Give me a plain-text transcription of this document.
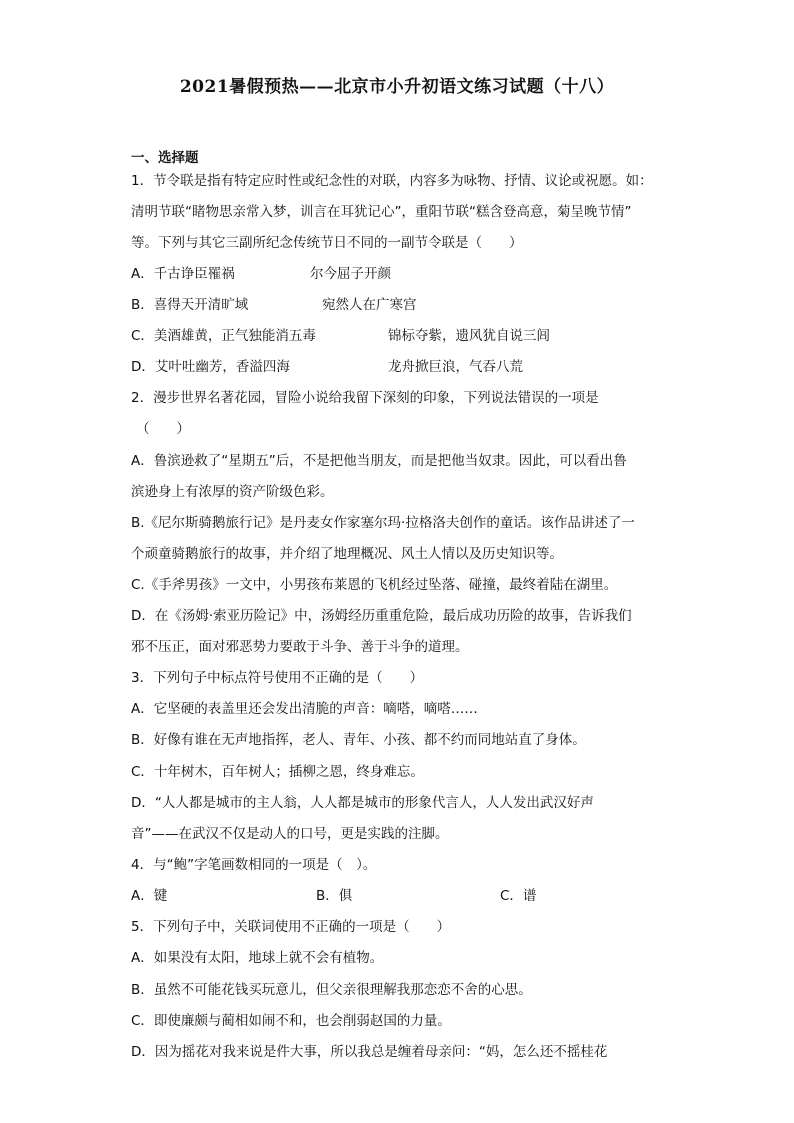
2021暑假预热——北京市小升初语文练习试题（十八）
一、选择题
1．节令联是指有特定应时性或纪念性的对联，内容多为咏物、抒情、议论或祝愿。如：
清明节联“睹物思亲常入梦，训言在耳犹记心”，重阳节联“糕含登高意，菊呈晚节情”
等。下列与其它三副所纪念传统节日不同的一副节令联是（　　）
A．千古诤臣罹祸	尔今屈子开颜
B．喜得天开清旷域	宛然人在广寒宫
C．美酒雄黄，正气独能消五毒	锦标夺紫，遗风犹自说三闾
D．艾叶吐幽芳，香溢四海	龙舟掀巨浪，气吞八荒
2．漫步世界名著花园，冒险小说给我留下深刻的印象，下列说法错误的一项是
（　　）
A．鲁滨逊救了“星期五”后，不是把他当朋友，而是把他当奴隶。因此，可以看出鲁
滨逊身上有浓厚的资产阶级色彩。
B.《尼尔斯骑鹅旅行记》是丹麦女作家塞尔玛·拉格洛夫创作的童话。该作品讲述了一
个顽童骑鹅旅行的故事，并介绍了地理概况、风土人情以及历史知识等。
C.《手斧男孩》一文中，小男孩布莱恩的飞机经过坠落、碰撞，最终着陆在湖里。
D．在《汤姆·索亚历险记》中，汤姆经历重重危险，最后成功历险的故事，告诉我们
邪不压正，面对邪恶势力要敢于斗争、善于斗争的道理。
3．下列句子中标点符号使用不正确的是（　　）
A．它坚硬的表盖里还会发出清脆的声音：嘀嗒，嘀嗒……
B．好像有谁在无声地指挥，老人、青年、小孩、都不约而同地站直了身体。
C．十年树木，百年树人；插柳之恩，终身难忘。
D．“人人都是城市的主人翁，人人都是城市的形象代言人，人人发出武汉好声
音”——在武汉不仅是动人的口号，更是实践的注脚。
4．与“鲍”字笔画数相同的一项是（　）。
A．键	B．俱	C．谱
5．下列句子中，关联词使用不正确的一项是（　　）
A．如果没有太阳，地球上就不会有植物。
B．虽然不可能花钱买玩意儿，但父亲很理解我那恋恋不舍的心思。
C．即使廉颇与蔺相如闹不和，也会削弱赵国的力量。
D．因为摇花对我来说是件大事，所以我总是缠着母亲问：“妈，怎么还不摇桂花
